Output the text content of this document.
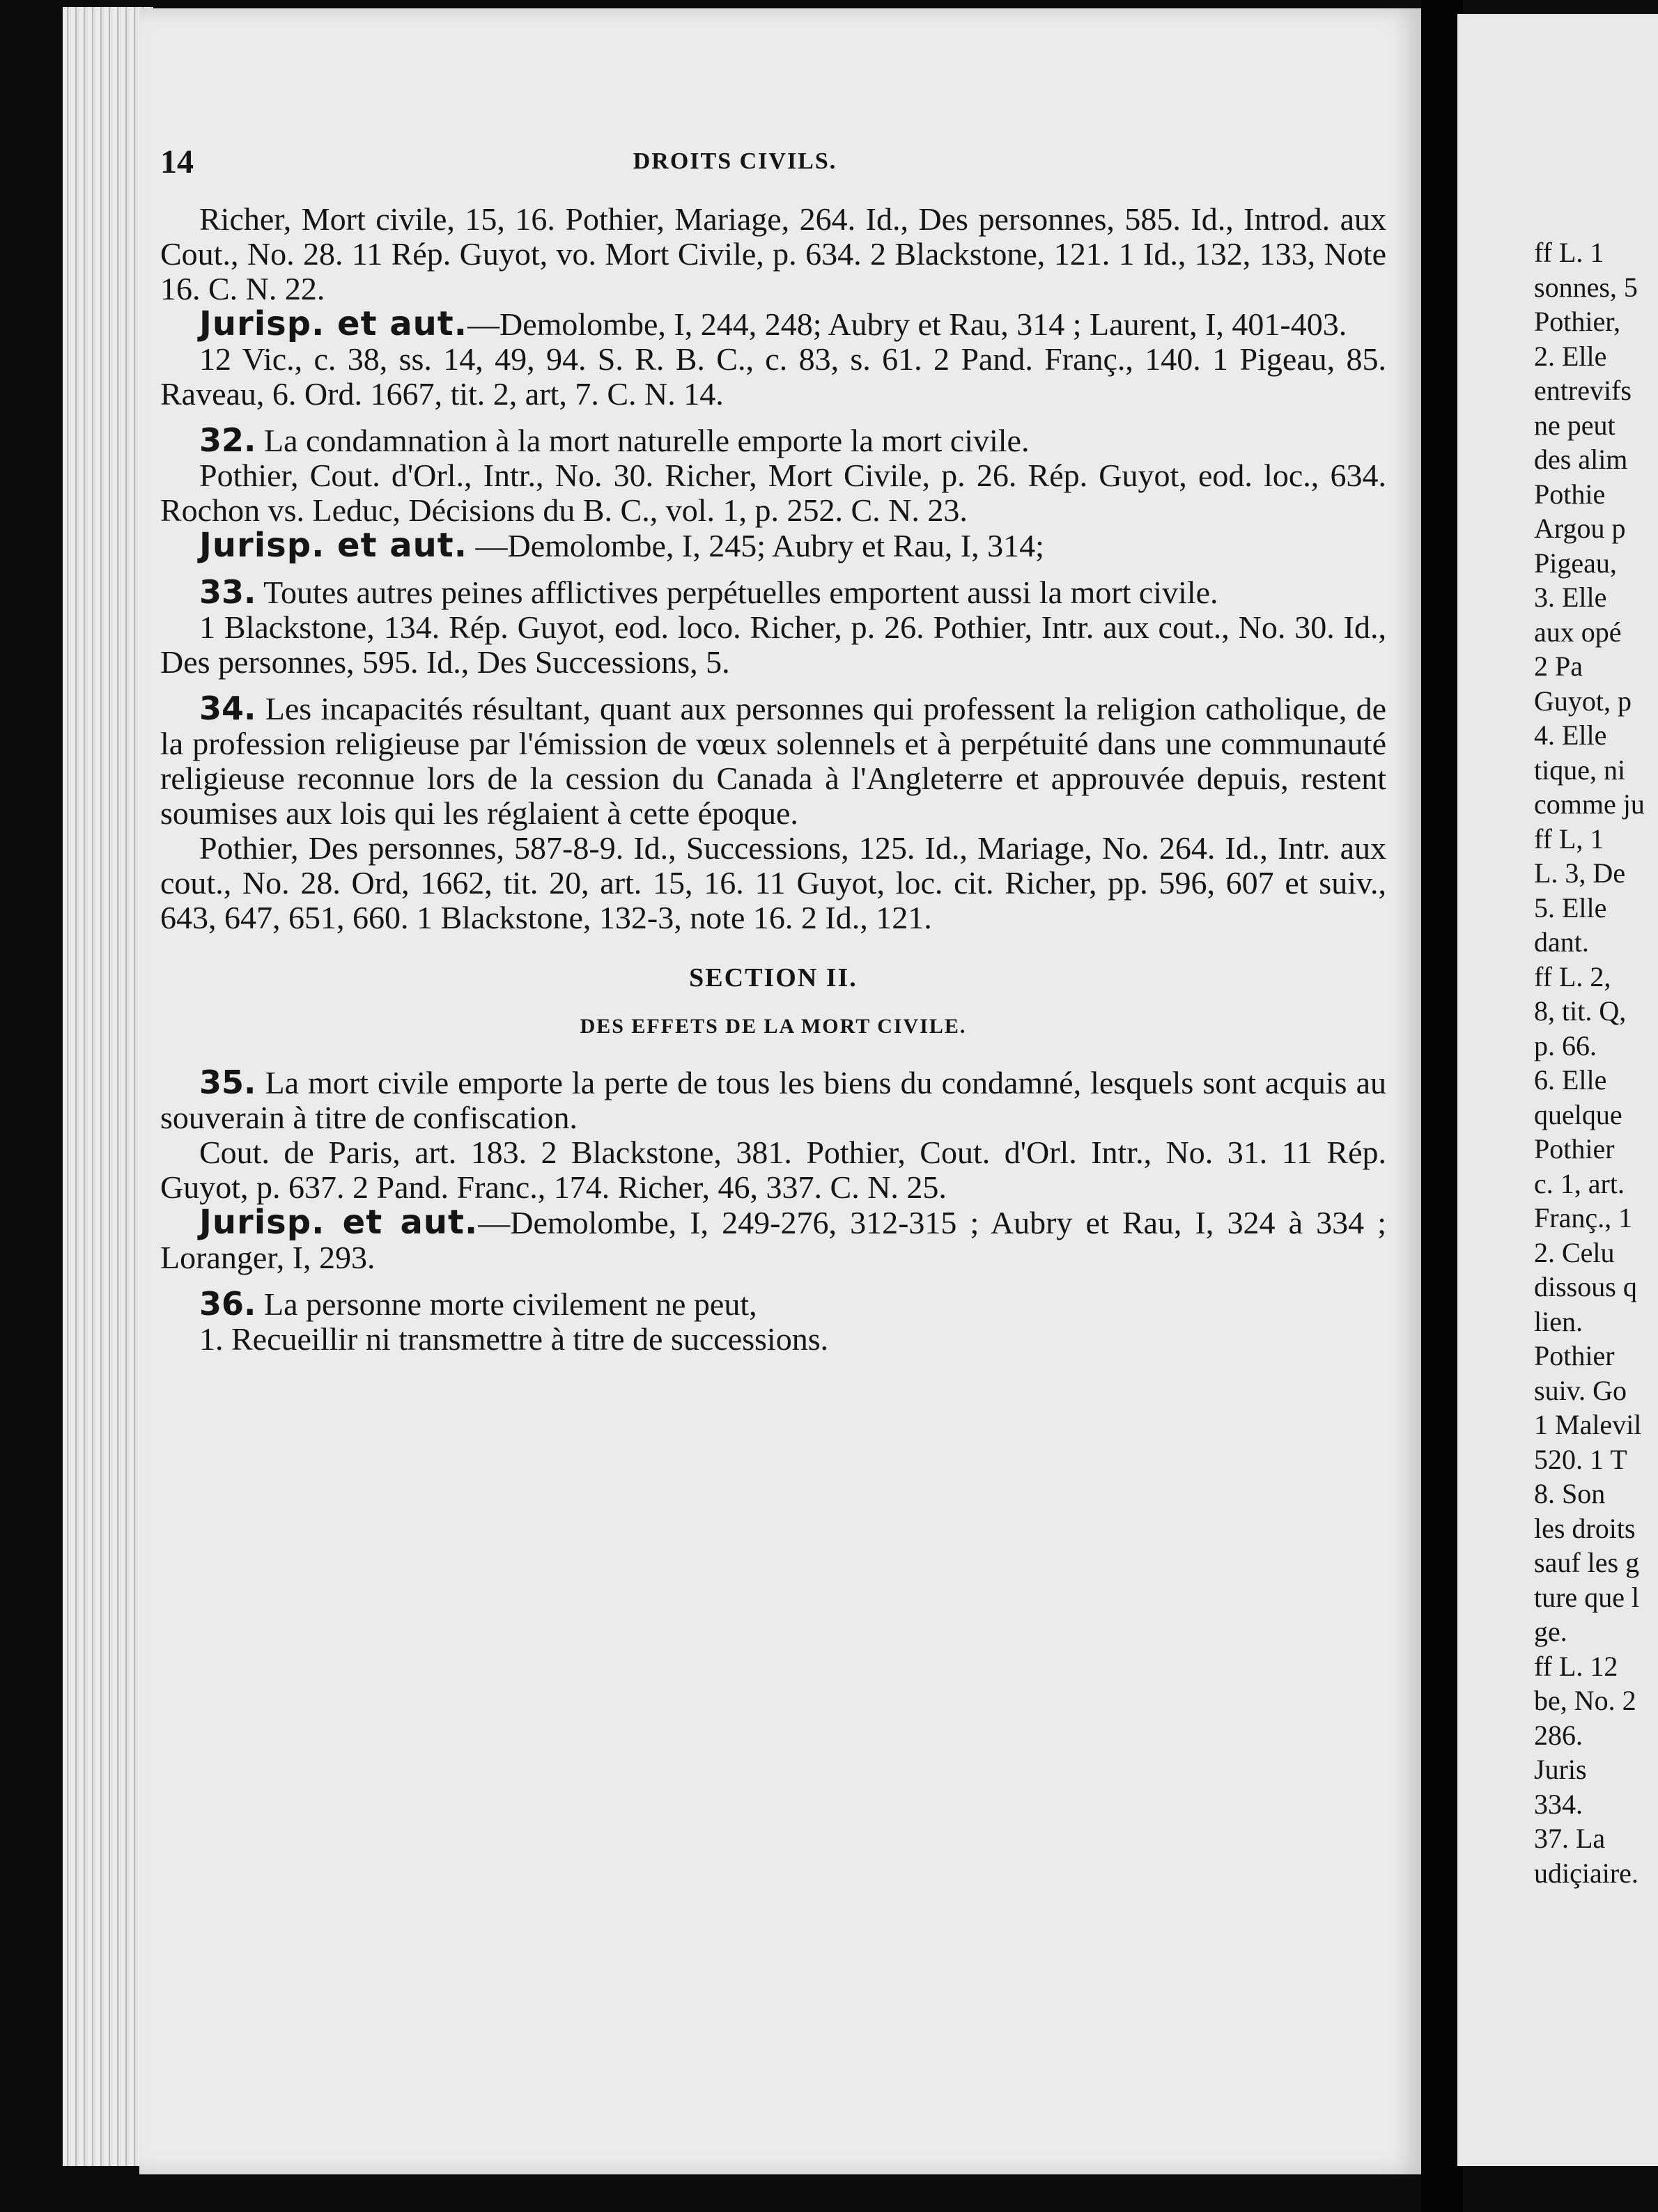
14	DROITS CIVILS.

Richer, Mort civile, 15, 16. Pothier, Mariage, 264. Id., Des personnes, 585. Id., Introd. aux Cout., No. 28. 11 Rép. Guyot, vo. Mort Civile, p. 634. 2 Blackstone, 121. 1 Id., 132, 133, Note 16. C. N. 22.

Jurisp. et aut.—Demolombe, I, 244, 248; Aubry et Rau, 314 ; Laurent, I, 401-403.

12 Vic., c. 38, ss. 14, 49, 94. S. R. B. C., c. 83, s. 61. 2 Pand. Franç., 140. 1 Pigeau, 85. Raveau, 6. Ord. 1667, tit. 2, art, 7. C. N. 14.

32. La condamnation à la mort naturelle emporte la mort civile.

Pothier, Cout. d'Orl., Intr., No. 30. Richer, Mort Civile, p. 26. Rép. Guyot, eod. loc., 634. Rochon vs. Leduc, Décisions du B. C., vol. 1, p. 252. C. N. 23.

Jurisp. et aut. —Demolombe, I, 245; Aubry et Rau, I, 314;

33. Toutes autres peines afflictives perpétuelles emportent aussi la mort civile.

1 Blackstone, 134. Rép. Guyot, eod. loco. Richer, p. 26. Pothier, Intr. aux cout., No. 30. Id., Des personnes, 595. Id., Des Successions, 5.

34. Les incapacités résultant, quant aux personnes qui professent la religion catholique, de la profession religieuse par l'émission de vœux solennels et à perpétuité dans une communauté religieuse reconnue lors de la cession du Canada à l'Angleterre et approuvée depuis, restent soumises aux lois qui les réglaient à cette époque.

Pothier, Des personnes, 587-8-9. Id., Successions, 125. Id., Mariage, No. 264. Id., Intr. aux cout., No. 28. Ord, 1662, tit. 20, art. 15, 16. 11 Guyot, loc. cit. Richer, pp. 596, 607 et suiv., 643, 647, 651, 660. 1 Blackstone, 132-3, note 16. 2 Id., 121.

SECTION II.

DES EFFETS DE LA MORT CIVILE.

35. La mort civile emporte la perte de tous les biens du condamné, lesquels sont acquis au souverain à titre de confiscation.

Cout. de Paris, art. 183. 2 Blackstone, 381. Pothier, Cout. d'Orl. Intr., No. 31. 11 Rép. Guyot, p. 637. 2 Pand. Franc., 174. Richer, 46, 337. C. N. 25.

Jurisp. et aut.—Demolombe, I, 249-276, 312-315 ; Aubry et Rau, I, 324 à 334 ; Loranger, I, 293.

36. La personne morte civilement ne peut,

1. Recueillir ni transmettre à titre de successions.

ff L. 1

sonnes, 5

Pothier,

2. Elle

entrevifs

ne peut

des alim

Pothie

Argou p

Pigeau,

3. Elle

aux opé

2 Pa

Guyot, p

4. Elle

tique, ni

comme ju

ff L, 1

L. 3, De

5. Elle

dant.

ff L. 2,

8, tit. Q,

p. 66.

6. Elle

quelque

Pothier

c. 1, art.

Franç., 1

2. Celu

dissous q

lien.

Pothier

suiv. Go

1 Malevil

520. 1 T

8. Son

les droits

sauf les g

ture que l

ge.

ff L. 12

be, No. 2

286.

Juris

334.

37. La

udiçiaire.
